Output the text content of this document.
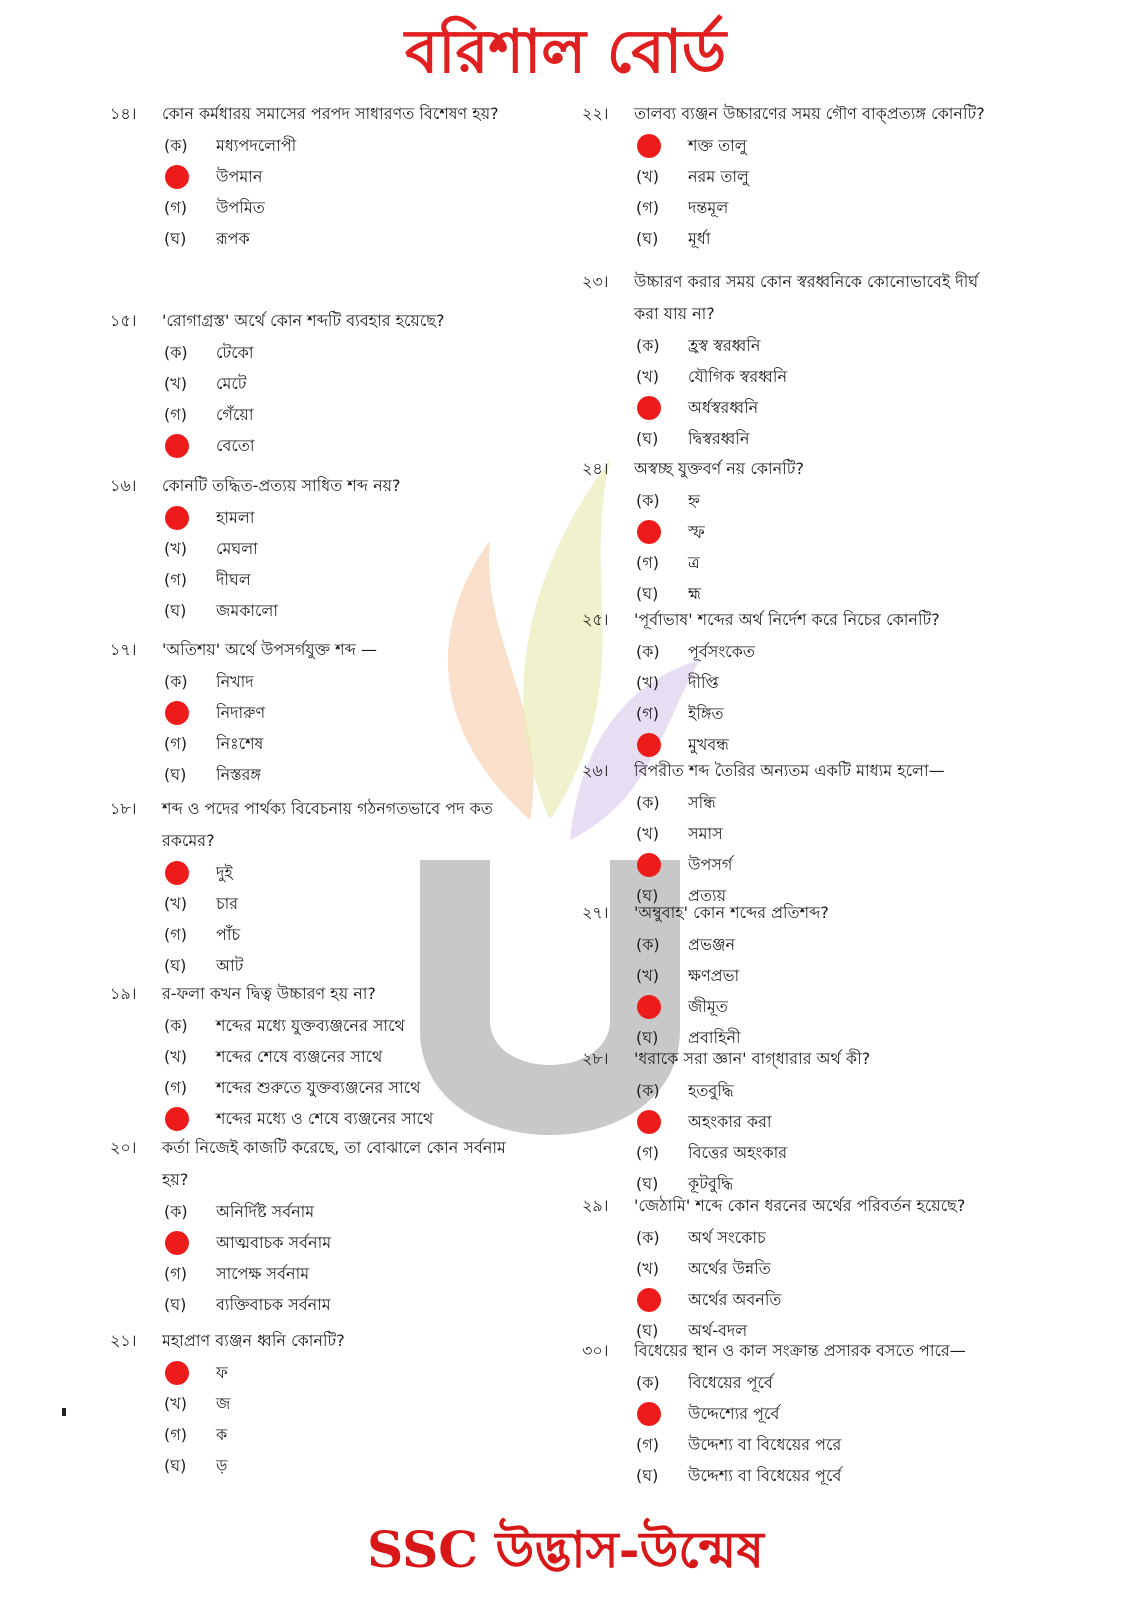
বরিশাল বোর্ড
১৪।	কোন কর্মধারয় সমাসের পরপদ সাধারণত বিশেষণ হয়?
(ক)	মধ্যপদলোপী
উপমান
(গ)	উপমিত
(ঘ)	রূপক
১৫।	'রোগাগ্রস্ত' অর্থে কোন শব্দটি ব্যবহার হয়েছে?
(ক)	টেকো
(খ)	মেটে
(গ)	গেঁয়ো
বেতো
১৬।	কোনটি তদ্ধিত-প্রত্যয় সাধিত শব্দ নয়?
হামলা
(খ)	মেঘলা
(গ)	দীঘল
(ঘ)	জমকালো
১৭।	'অতিশয়' অর্থে উপসর্গযুক্ত শব্দ —
(ক)	নিখাদ
নিদারুণ
(গ)	নিঃশেষ
(ঘ)	নিস্তরঙ্গ
১৮।	শব্দ ও পদের পার্থক্য বিবেচনায় গঠনগতভাবে পদ কত রকমের?
দুই
(খ)	চার
(গ)	পাঁচ
(ঘ)	আট
১৯।	র-ফলা কখন দ্বিত্ব উচ্চারণ হয় না?
(ক)	শব্দের মধ্যে যুক্তব্যঞ্জনের সাথে
(খ)	শব্দের শেষে ব্যঞ্জনের সাথে
(গ)	শব্দের শুরুতে যুক্তব্যঞ্জনের সাথে
শব্দের মধ্যে ও শেষে ব্যঞ্জনের সাথে
২০।	কর্তা নিজেই কাজটি করেছে, তা বোঝালে কোন সর্বনাম হয়?
(ক)	অনির্দিষ্ট সর্বনাম
আত্মবাচক সর্বনাম
(গ)	সাপেক্ষ সর্বনাম
(ঘ)	ব্যক্তিবাচক সর্বনাম
২১।	মহাপ্রাণ ব্যঞ্জন ধ্বনি কোনটি?
ফ
(খ)	জ
(গ)	ক
(ঘ)	ড়
২২।	তালব্য ব্যঞ্জন উচ্চারণের সময় গৌণ বাক্‌প্রত্যঙ্গ কোনটি?
শক্ত তালু
(খ)	নরম তালু
(গ)	দন্তমূল
(ঘ)	মূর্ধা
২৩।	উচ্চারণ করার সময় কোন স্বরধ্বনিকে কোনোভাবেই দীর্ঘ করা যায় না?
(ক)	হ্রস্ব স্বরধ্বনি
(খ)	যৌগিক স্বরধ্বনি
অর্ধস্বরধ্বনি
(ঘ)	দ্বিস্বরধ্বনি
২৪।	অস্বচ্ছ যুক্তবর্ণ নয় কোনটি?
(ক)	হ্ন
স্ফ
(গ)	ত্র
(ঘ)	হ্ম
২৫।	'পূর্বাভাষ' শব্দের অর্থ নির্দেশ করে নিচের কোনটি?
(ক)	পূর্বসংকেত
(খ)	দীপ্তি
(গ)	ইঙ্গিত
মুখবন্ধ
২৬।	বিপরীত শব্দ তৈরির অন্যতম একটি মাধ্যম হলো—
(ক)	সন্ধি
(খ)	সমাস
উপসর্গ
(ঘ)	প্রত্যয়
২৭।	'অম্বুবাহ' কোন শব্দের প্রতিশব্দ?
(ক)	প্রভঞ্জন
(খ)	ক্ষণপ্রভা
জীমূত
(ঘ)	প্রবাহিনী
২৮।	'ধরাকে সরা জ্ঞান' বাগ্‌ধারার অর্থ কী?
(ক)	হতবুদ্ধি
অহংকার করা
(গ)	বিত্তের অহংকার
(ঘ)	কূটবুদ্ধি
২৯।	'জেঠামি' শব্দে কোন ধরনের অর্থের পরিবর্তন হয়েছে?
(ক)	অর্থ সংকোচ
(খ)	অর্থের উন্নতি
অর্থের অবনতি
(ঘ)	অর্থ-বদল
৩০।	বিধেয়ের স্থান ও কাল সংক্রান্ত প্রসারক বসতে পারে—
(ক)	বিধেয়ের পূর্বে
উদ্দেশ্যের পূর্বে
(গ)	উদ্দেশ্য বা বিধেয়ের পরে
(ঘ)	উদ্দেশ্য বা বিধেয়ের পূর্বে
SSC উদ্ভাস-উন্মেষ
